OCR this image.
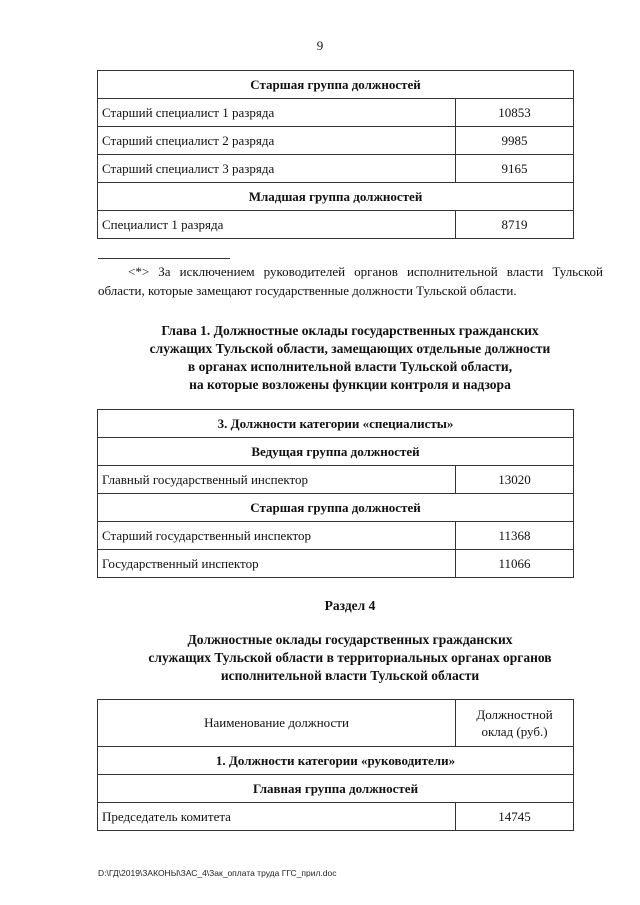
9
Старшая группа должностей	
Старший специалист 1 разряда	10853
Старший специалист 2 разряда	9985
Старший специалист 3 разряда	9165
Младшая группа должностей	
Специалист 1 разряда	8719
<*> За исключением руководителей органов исполнительной власти Тульской области, которые замещают государственные должности Тульской области.
Глава 1. Должностные оклады государственных гражданских
служащих Тульской области, замещающих отдельные должности
в органах исполнительной власти Тульской области,
на которые возложены функции контроля и надзора
3. Должности категории «специалисты»	
Ведущая группа должностей	
Главный государственный инспектор	13020
Старшая группа должностей	
Старший государственный инспектор	11368
Государственный инспектор	11066
Раздел 4
Должностные оклады государственных гражданских
служащих Тульской области в территориальных органах органов
исполнительной власти Тульской области
Наименование должности	Должностной
оклад (руб.)

1. Должности категории «руководители»	
Главная группа должностей	
Председатель комитета	14745
D:\ГД\2019\ЗАКОНЫ\ЗАС_4\Зак_оплата труда ГГС_прил.doc
